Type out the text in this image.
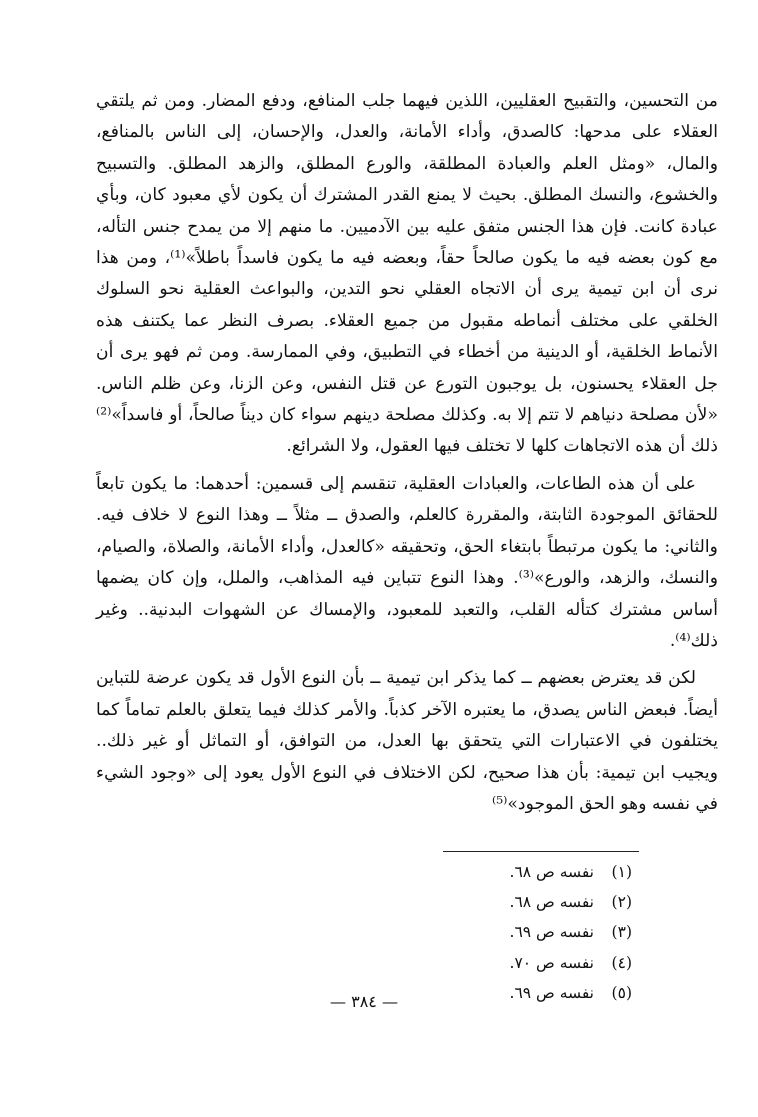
من التحسين، والتقبيح العقليين، اللذين فيهما جلب المنافع، ودفع المضار. ومن ثم يلتقي العقلاء على مدحها: كالصدق، وأداء الأمانة، والعدل، والإحسان، إلى الناس بالمنافع، والمال، «ومثل العلم والعبادة المطلقة، والورع المطلق، والزهد المطلق. والتسبيح والخشوع، والنسك المطلق. بحيث لا يمنع القدر المشترك أن يكون لأي معبود كان، وبأي عبادة كانت. فإن هذا الجنس متفق عليه بين الآدميين. ما منهم إلا من يمدح جنس التأله، مع كون بعضه فيه ما يكون صالحاً حقاً، وبعضه فيه ما يكون فاسداً باطلاً»⁽¹⁾، ومن هذا نرى أن ابن تيمية يرى أن الاتجاه العقلي نحو التدين، والبواعث العقلية نحو السلوك الخلقي على مختلف أنماطه مقبول من جميع العقلاء. بصرف النظر عما يكتنف هذه الأنماط الخلقية، أو الدينية من أخطاء في التطبيق، وفي الممارسة. ومن ثم فهو يرى أن جل العقلاء يحسنون، بل يوجبون التورع عن قتل النفس، وعن الزنا، وعن ظلم الناس. «لأن مصلحة دنياهم لا تتم إلا به. وكذلك مصلحة دينهم سواء كان ديناً صالحاً، أو فاسداً»⁽²⁾ ذلك أن هذه الاتجاهات كلها لا تختلف فيها العقول، ولا الشرائع.

على أن هذه الطاعات، والعبادات العقلية، تنقسم إلى قسمين: أحدهما: ما يكون تابعاً للحقائق الموجودة الثابتة، والمقررة كالعلم، والصدق ــ مثلاً ــ وهذا النوع لا خلاف فيه. والثاني: ما يكون مرتبطاً بابتغاء الحق، وتحقيقه «كالعدل، وأداء الأمانة، والصلاة، والصيام، والنسك، والزهد، والورع»⁽³⁾. وهذا النوع تتباين فيه المذاهب، والملل، وإن كان يضمها أساس مشترك كتأله القلب، والتعبد للمعبود، والإمساك عن الشهوات البدنية.. وغير ذلك⁽⁴⁾.

لكن قد يعترض بعضهم ــ كما يذكر ابن تيمية ــ بأن النوع الأول قد يكون عرضة للتباين أيضاً. فبعض الناس يصدق، ما يعتبره الآخر كذباً. والأمر كذلك فيما يتعلق بالعلم تماماً كما يختلفون في الاعتبارات التي يتحقق بها العدل، من التوافق، أو التماثل أو غير ذلك.. ويجيب ابن تيمية: بأن هذا صحيح، لكن الاختلاف في النوع الأول يعود إلى «وجود الشيء في نفسه وهو الحق الموجود»⁽⁵⁾

(١)
نفسه ص ٦٨.
(٢)
نفسه ص ٦٨.
(٣)
نفسه ص ٦٩.
(٤)
نفسه ص ٧٠.
(٥)
نفسه ص ٦٩.
— ٣٨٤ —
